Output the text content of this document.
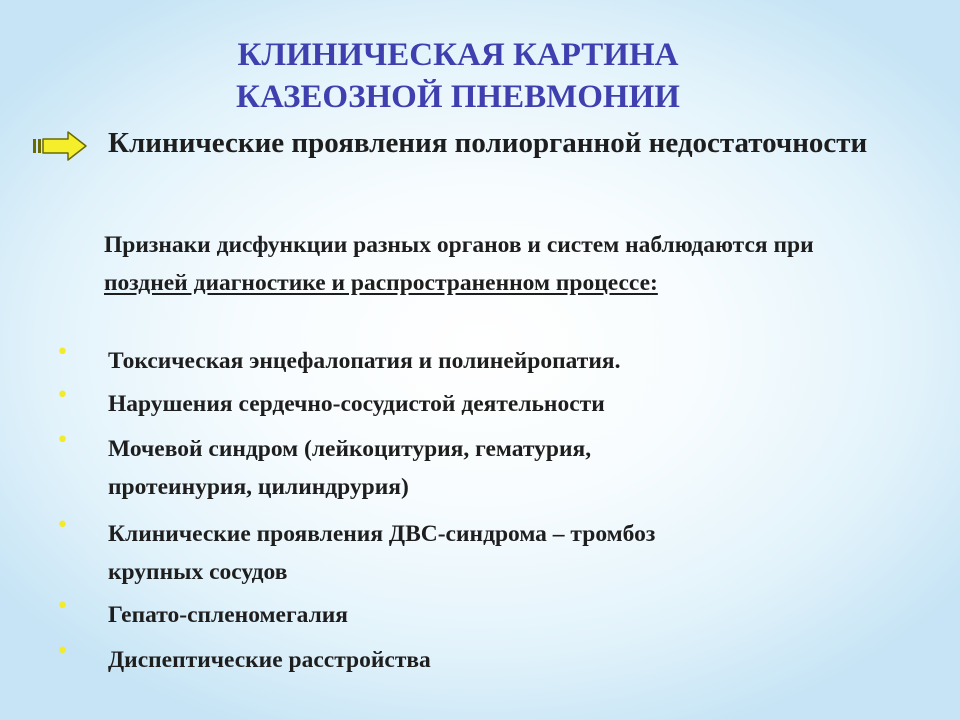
КЛИНИЧЕСКАЯ КАРТИНА
КАЗЕОЗНОЙ ПНЕВМОНИИ
Клинические проявления полиорганной недостаточности
Признаки дисфункции разных органов и систем наблюдаются при поздней диагностике и распространенном процессе:
•	Токсическая энцефалопатия и полинейропатия.
•	Нарушения сердечно-сосудистой деятельности
•	Мочевой синдром (лейкоцитурия, гематурия,
протеинурия, цилиндрурия)
•	Клинические проявления ДВС-синдрома – тромбоз
крупных сосудов
•	Гепато-спленомегалия
•	Диспептические расстройства
